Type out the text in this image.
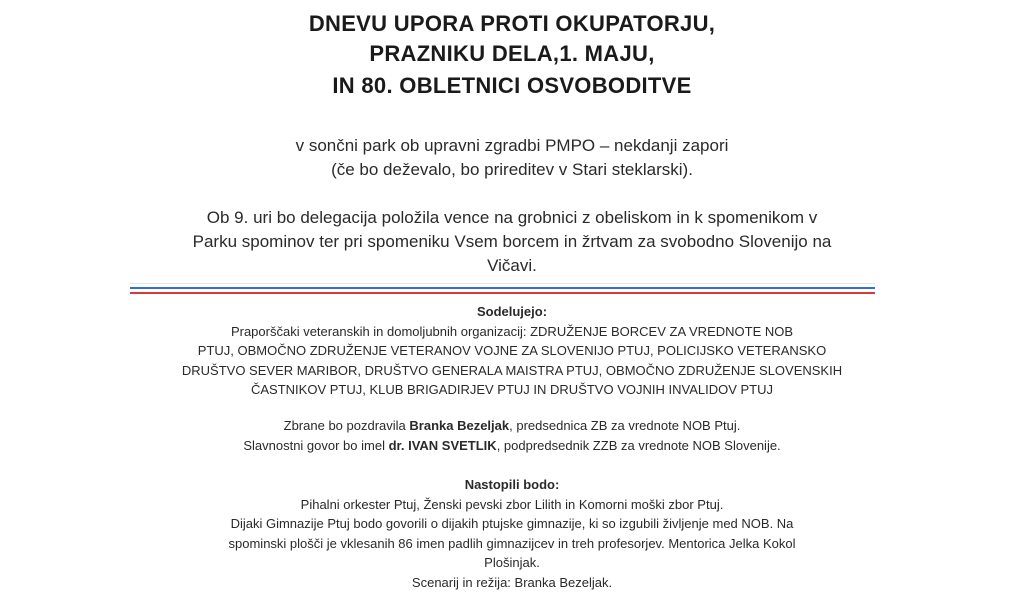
DNEVU UPORA PROTI OKUPATORJU,
PRAZNIKU DELA,1. MAJU,
IN 80. OBLETNICI OSVOBODITVE
v sončni park ob upravni zgradbi PMPO – nekdanji zapori
(če bo deževalo, bo prireditev v Stari steklarski).
Ob 9. uri bo delegacija položila vence na grobnici z obeliskom in k spomenikom v
Parku spominov ter pri spomeniku Vsem borcem in žrtvam za svobodno Slovenijo na
Vičavi.
Sodelujejo:
Praporščaki veteranskih in domoljubnih organizacij: ZDRUŽENJE BORCEV ZA VREDNOTE NOB
PTUJ, OBMOČNO ZDRUŽENJE VETERANOV VOJNE ZA SLOVENIJO PTUJ, POLICIJSKO VETERANSKO
DRUŠTVO SEVER MARIBOR, DRUŠTVO GENERALA MAISTRA PTUJ, OBMOČNO ZDRUŽENJE SLOVENSKIH
ČASTNIKOV PTUJ, KLUB BRIGADIRJEV PTUJ IN DRUŠTVO VOJNIH INVALIDOV PTUJ
Zbrane bo pozdravila Branka Bezeljak, predsednica ZB za vrednote NOB Ptuj.
Slavnostni govor bo imel dr. IVAN SVETLIK, podpredsednik ZZB za vrednote NOB Slovenije.
Nastopili bodo:
Pihalni orkester Ptuj, Ženski pevski zbor Lilith in Komorni moški zbor Ptuj.
Dijaki Gimnazije Ptuj bodo govorili o dijakih ptujske gimnazije, ki so izgubili življenje med NOB. Na
spominski plošči je vklesanih 86 imen padlih gimnazijcev in treh profesorjev. Mentorica Jelka Kokol
Plošinjak.
Scenarij in režija: Branka Bezeljak.
